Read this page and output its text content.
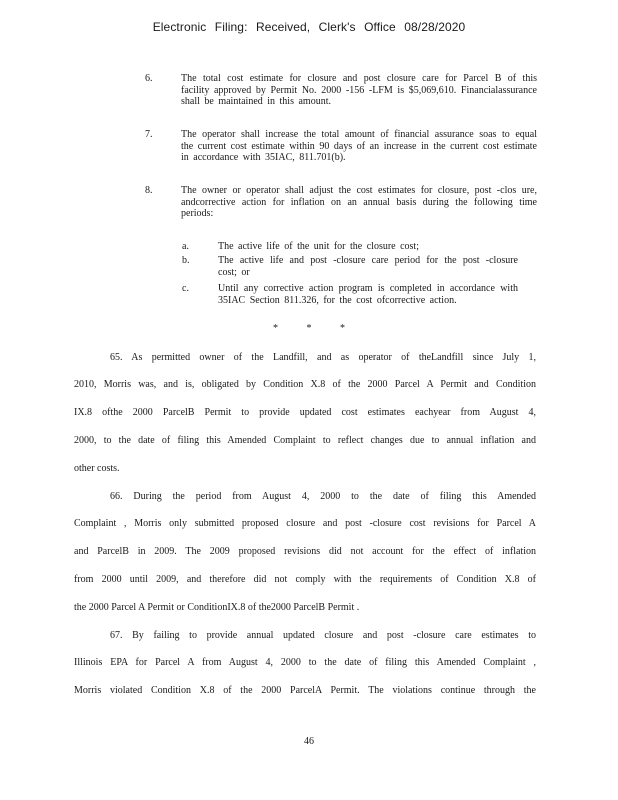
Electronic Filing: Received, Clerk's Office 08/28/2020
6.	The total cost estimate for closure and post closure care for Parcel B of this facility approved by Permit No. 2000 -156 -LFM is $5,069,610. Financialassurance shall be maintained in this amount.
7.	The operator shall increase the total amount of financial assurance soas to equal the current cost estimate within 90 days of an increase in the current cost estimate in accordance with 35IAC, 811.701(b).
8.	The owner or operator shall adjust the cost estimates for closure, post -clos ure, andcorrective action for inflation on an annual basis during the following time periods:
a.	The active life of the unit for the closure cost;
b.	The active life and post -closure care period for the post -closure cost; or
c.	Until any corrective action program is completed in accordance with 35IAC Section 811.326, for the cost ofcorrective action.
* * *
65. As permitted owner of the Landfill, and as operator of theLandfill since July 1,
2010, Morris was, and is, obligated by Condition X.8 of the 2000 Parcel A Permit and Condition
IX.8 ofthe 2000 ParcelB Permit to provide updated cost estimates eachyear from August 4,
2000, to the date of filing this Amended Complaint to reflect changes due to annual inflation and
other costs.
66. During the period from August 4, 2000 to the date of filing this Amended
Complaint , Morris only submitted proposed closure and post -closure cost revisions for Parcel A
and ParcelB in 2009. The 2009 proposed revisions did not account for the effect of inflation
from 2000 until 2009, and therefore did not comply with the requirements of Condition X.8 of
the 2000 Parcel A Permit or ConditionIX.8 of the2000 ParcelB Permit .
67. By failing to provide annual updated closure and post -closure care estimates to
Illinois EPA for Parcel A from August 4, 2000 to the date of filing this Amended Complaint ,
Morris violated Condition X.8 of the 2000 ParcelA Permit. The violations continue through the
46
